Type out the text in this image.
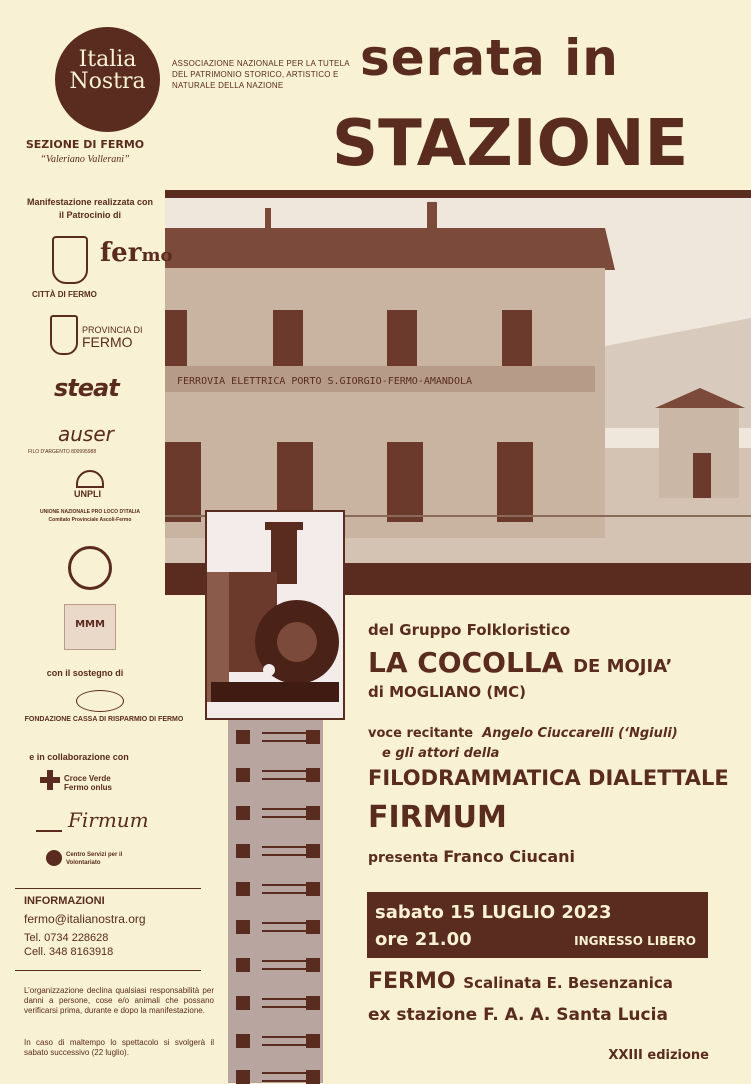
Italia
Nostra
ASSOCIAZIONE NAZIONALE PER LA TUTELA DEL PATRIMONIO STORICO, ARTISTICO E NATURALE DELLA NAZIONE	serata in
STAZIONE
SEZIONE DI FERMO
“Valeriano Vallerani”
FERROVIA ELETTRICA PORTO S.GIORGIO-FERMO-AMANDOLA
Manifestazione realizzata con il Patrocinio di
fermo
CITTÀ DI FERMO
PROVINCIA DI
FERMO
steat
auser
FILO D'ARGENTO 800995988
UNPLI
UNIONE NAZIONALE PRO LOCO D'ITALIA Comitato Provinciale Ascoli-Fermo
MMM
con il sostegno di
FONDAZIONE CASSA DI RISPARMIO DI FERMO
e in collaborazione con
Croce Verde Fermo onlus
Firmum
Centro Servizi per il Volontariato
INFORMAZIONI
fermo@italianostra.org
Tel. 0734 228628
Cell. 348 8163918
L’organizzazione declina qualsiasi responsabilità per danni a persone, cose e/o animali che possano verificarsi prima, durante e dopo la manifestazione.
In caso di maltempo lo spettacolo si svolgerà il sabato successivo (22 luglio).
del Gruppo Folkloristico
LA COCOLLA DE MOJIA’
di MOGLIANO (MC)
voce recitante Angelo Ciuccarelli (‘Ngiuli)
e gli attori della
FILODRAMMATICA DIALETTALE
FIRMUM
presenta Franco Ciucani
sabato 15 LUGLIO 2023
ore 21.00	INGRESSO LIBERO
FERMO Scalinata E. Besenzanica
ex stazione F. A. A. Santa Lucia
XXIII edizione
